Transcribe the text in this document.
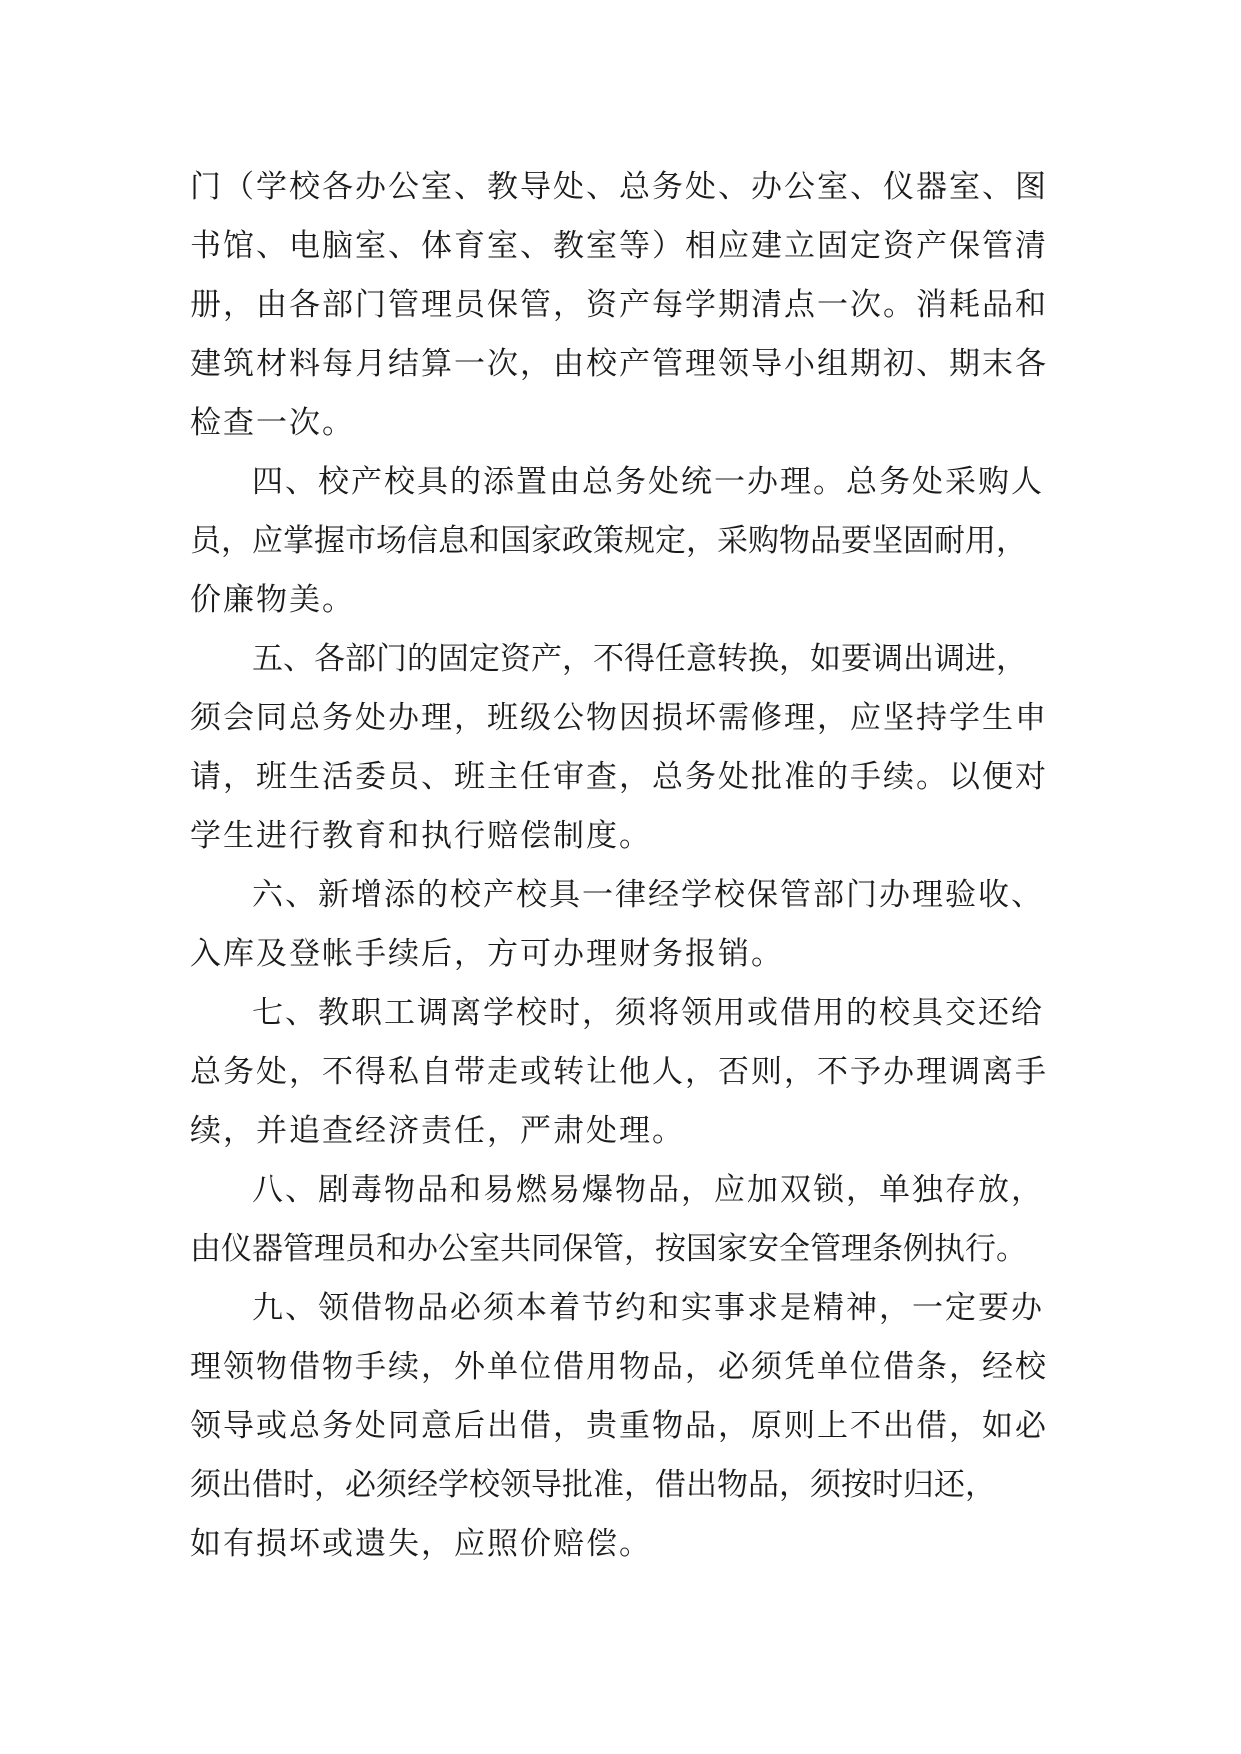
门（学校各办公室、教导处、总务处、办公室、仪器室、图
书馆、电脑室、体育室、教室等）相应建立固定资产保管清
册，由各部门管理员保管，资产每学期清点一次。消耗品和
建筑材料每月结算一次，由校产管理领导小组期初、期末各
检查一次。
四、校产校具的添置由总务处统一办理。总务处采购人
员，应掌握市场信息和国家政策规定，采购物品要坚固耐用，
价廉物美。
五、各部门的固定资产，不得任意转换，如要调出调进，
须会同总务处办理，班级公物因损坏需修理，应坚持学生申
请，班生活委员、班主任审查，总务处批准的手续。以便对
学生进行教育和执行赔偿制度。
六、新增添的校产校具一律经学校保管部门办理验收、
入库及登帐手续后，方可办理财务报销。
七、教职工调离学校时，须将领用或借用的校具交还给
总务处，不得私自带走或转让他人，否则，不予办理调离手
续，并追查经济责任，严肃处理。
八、剧毒物品和易燃易爆物品，应加双锁，单独存放，
由仪器管理员和办公室共同保管，按国家安全管理条例执行。
九、领借物品必须本着节约和实事求是精神，一定要办
理领物借物手续，外单位借用物品，必须凭单位借条，经校
领导或总务处同意后出借，贵重物品，原则上不出借，如必
须出借时，必须经学校领导批准，借出物品，须按时归还，
如有损坏或遗失，应照价赔偿。
